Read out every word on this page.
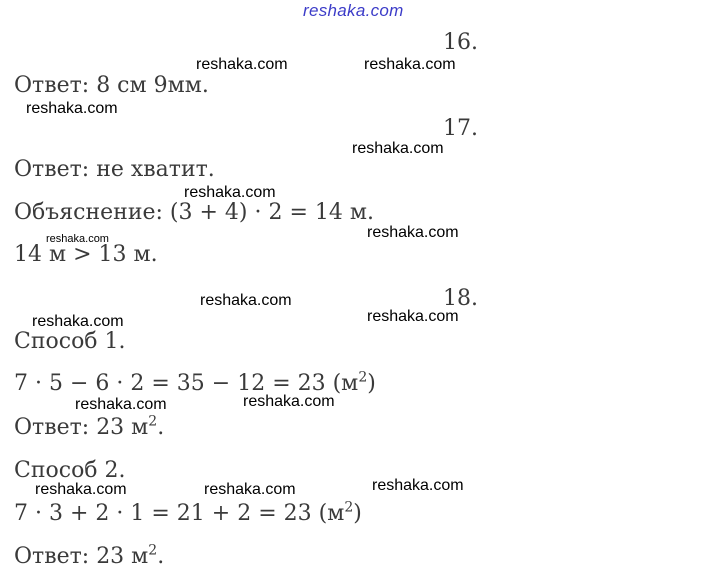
reshaka.com
16.
Ответ: 8 см 9мм.
17.
Ответ: не хватит.
Объяснение: (3 + 4) · 2 = 14 м.
14 м > 13 м.
18.
Способ 1.
7 · 5 − 6 · 2 = 35 − 12 = 23 $(м^2)$
Ответ: 23 $м^2$.
Способ 2.
7 · 3 + 2 · 1 = 21 + 2 = 23 $(м^2)$
Ответ: 23 $м^2$.
reshaka.com	reshaka.com
reshaka.com
reshaka.com
reshaka.com
reshaka.com	reshaka.com
reshaka.com
reshaka.com
reshaka.com
reshaka.com	reshaka.com
reshaka.com	reshaka.com	reshaka.com
